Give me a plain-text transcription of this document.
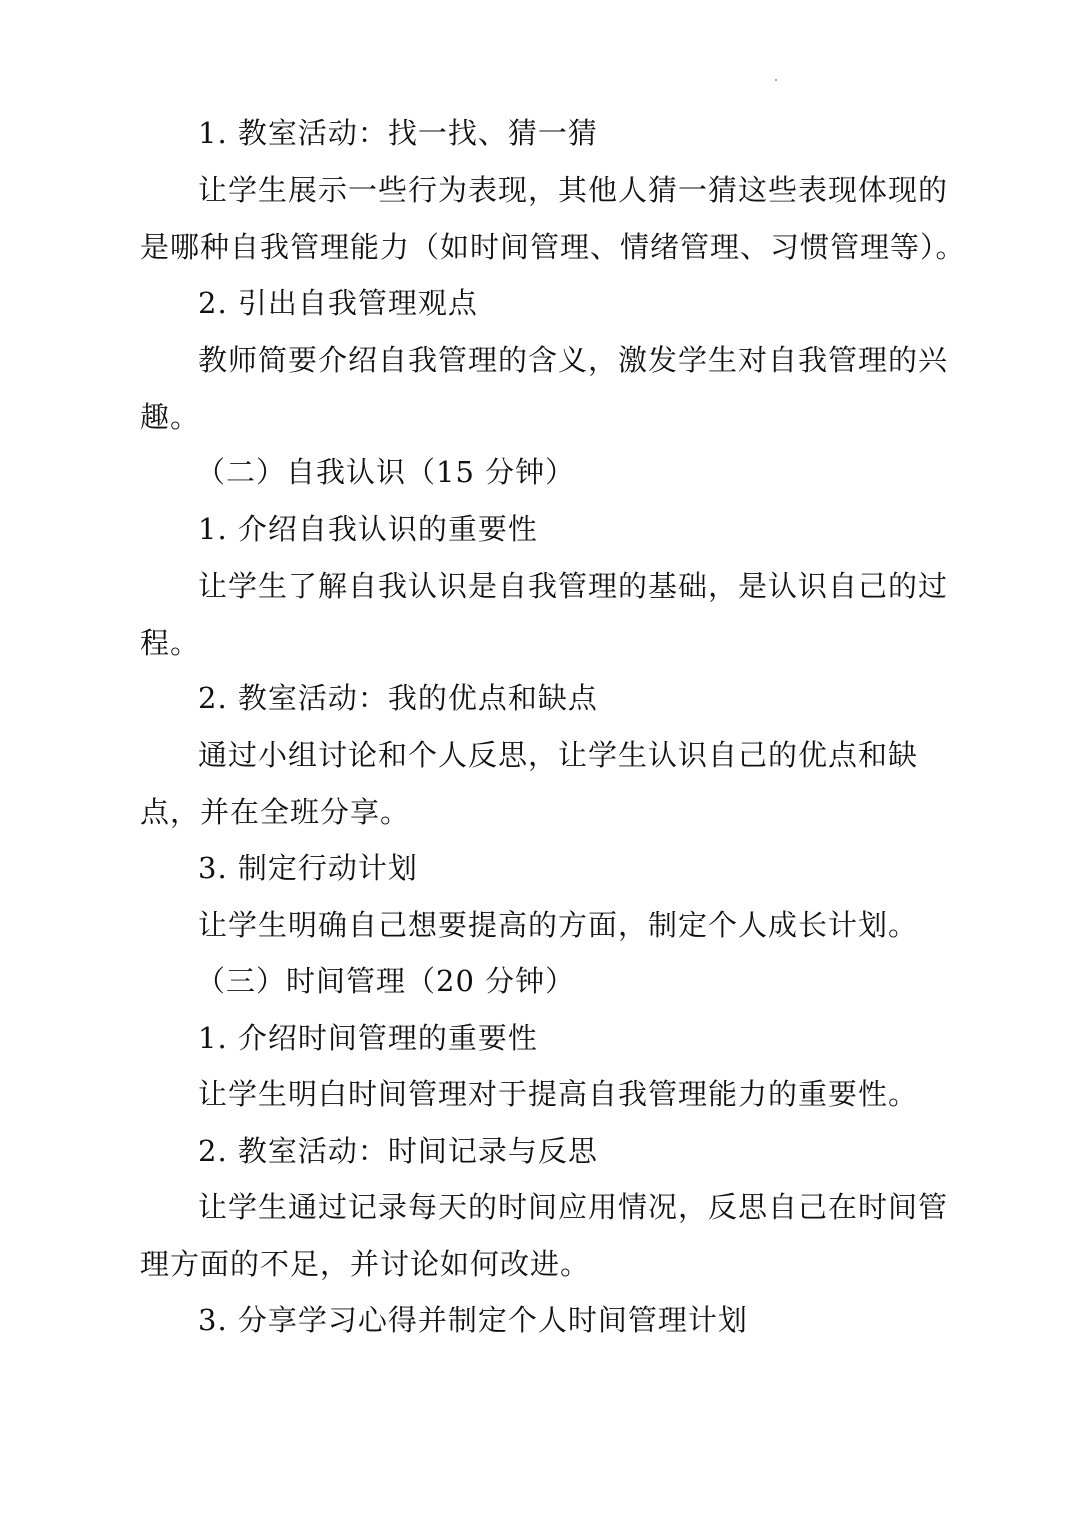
1. 教室活动：找一找、猜一猜
让学生展示一些行为表现，其他人猜一猜这些表现体现的是哪种自我管理能力（如时间管理、情绪管理、习惯管理等）。
2. 引出自我管理观点
教师简要介绍自我管理的含义，激发学生对自我管理的兴趣。
（二）自我认识（15 分钟）
1. 介绍自我认识的重要性
让学生了解自我认识是自我管理的基础，是认识自己的过程。
2. 教室活动：我的优点和缺点
通过小组讨论和个人反思，让学生认识自己的优点和缺点，并在全班分享。
3. 制定行动计划
让学生明确自己想要提高的方面，制定个人成长计划。
（三）时间管理（20 分钟）
1. 介绍时间管理的重要性
让学生明白时间管理对于提高自我管理能力的重要性。
2. 教室活动：时间记录与反思
让学生通过记录每天的时间应用情况，反思自己在时间管理方面的不足，并讨论如何改进。
3. 分享学习心得并制定个人时间管理计划
